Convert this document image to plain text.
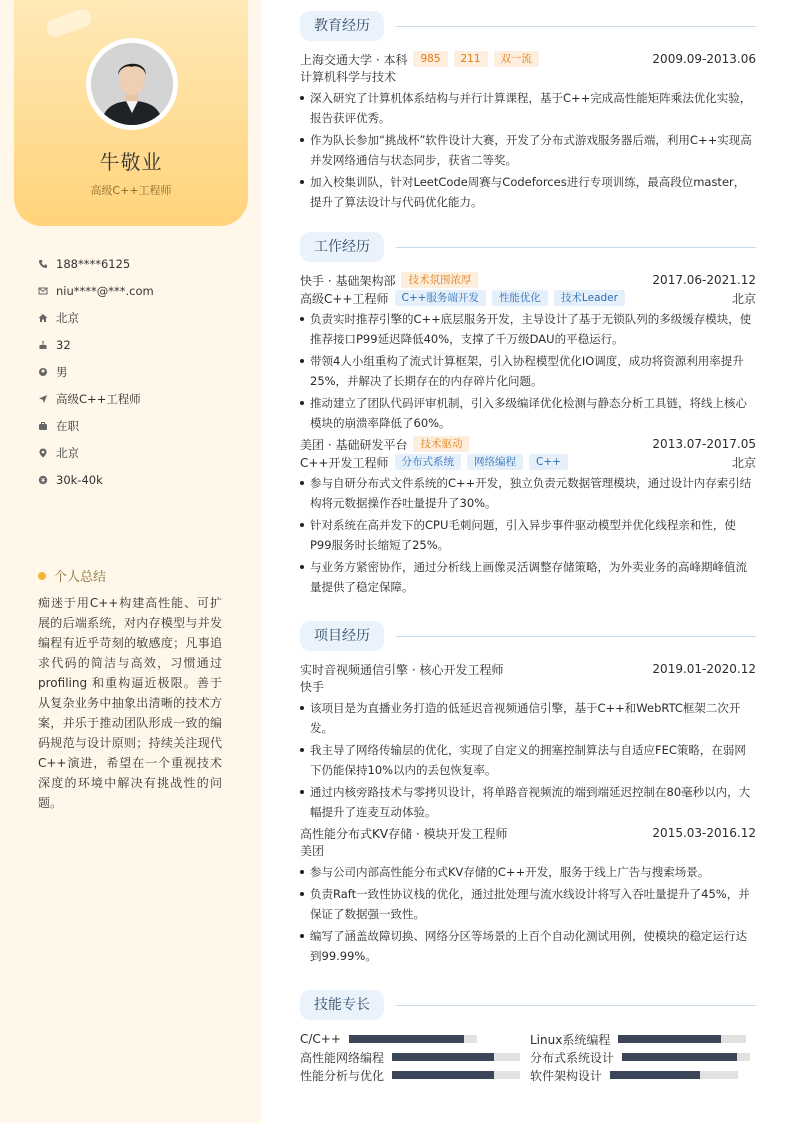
牛敬业
高级C++工程师
188****6125
niu****@***.com
北京
32
男
高级C++工程师
在职
北京
30k-40k
个人总结
痴迷于用C++构建高性能、可扩展的后端系统，对内存模型与并发编程有近乎苛刻的敏感度；凡事追求代码的简洁与高效，习惯通过profiling 和重构逼近极限。善于从复杂业务中抽象出清晰的技术方案，并乐于推动团队形成一致的编码规范与设计原则；持续关注现代C++演进，希望在一个重视技术深度的环境中解决有挑战性的问题。
教育经历
上海交通大学 · 本科	985	211	双一流	2009.09-2013.06
计算机科学与技术
深入研究了计算机体系结构与并行计算课程，基于C++完成高性能矩阵乘法优化实验，报告获评优秀。
作为队长参加“挑战杯”软件设计大赛，开发了分布式游戏服务器后端，利用C++实现高并发网络通信与状态同步，获省二等奖。
加入校集训队，针对LeetCode周赛与Codeforces进行专项训练，最高段位master，提升了算法设计与代码优化能力。
工作经历
快手 · 基础架构部	技术氛围浓厚	2017.06-2021.12
高级C++工程师	C++服务端开发	性能优化	技术Leader	北京
负责实时推荐引擎的C++底层服务开发，主导设计了基于无锁队列的多级缓存模块，使推荐接口P99延迟降低40%，支撑了千万级DAU的平稳运行。
带领4人小组重构了流式计算框架，引入协程模型优化IO调度，成功将资源利用率提升25%，并解决了长期存在的内存碎片化问题。
推动建立了团队代码评审机制，引入多级编译优化检测与静态分析工具链，将线上核心模块的崩溃率降低了60%。
美团 · 基础研发平台	技术驱动	2013.07-2017.05
C++开发工程师	分布式系统	网络编程	C++	北京
参与自研分布式文件系统的C++开发，独立负责元数据管理模块，通过设计内存索引结构将元数据操作吞吐量提升了30%。
针对系统在高并发下的CPU毛刺问题，引入异步事件驱动模型并优化线程亲和性，使P99服务时长缩短了25%。
与业务方紧密协作，通过分析线上画像灵活调整存储策略，为外卖业务的高峰期峰值流量提供了稳定保障。
项目经历
实时音视频通信引擎 · 核心开发工程师	2019.01-2020.12
快手
该项目是为直播业务打造的低延迟音视频通信引擎，基于C++和WebRTC框架二次开发。
我主导了网络传输层的优化，实现了自定义的拥塞控制算法与自适应FEC策略，在弱网下仍能保持10%以内的丢包恢复率。
通过内核旁路技术与零拷贝设计，将单路音视频流的端到端延迟控制在80毫秒以内，大幅提升了连麦互动体验。
高性能分布式KV存储 · 模块开发工程师	2015.03-2016.12
美团
参与公司内部高性能分布式KV存储的C++开发，服务于线上广告与搜索场景。
负责Raft一致性协议栈的优化，通过批处理与流水线设计将写入吞吐量提升了45%，并保证了数据强一致性。
编写了涵盖故障切换、网络分区等场景的上百个自动化测试用例，使模块的稳定运行达到99.99%。
技能专长
C/C++	Linux系统编程
高性能网络编程	分布式系统设计
性能分析与优化	软件架构设计
